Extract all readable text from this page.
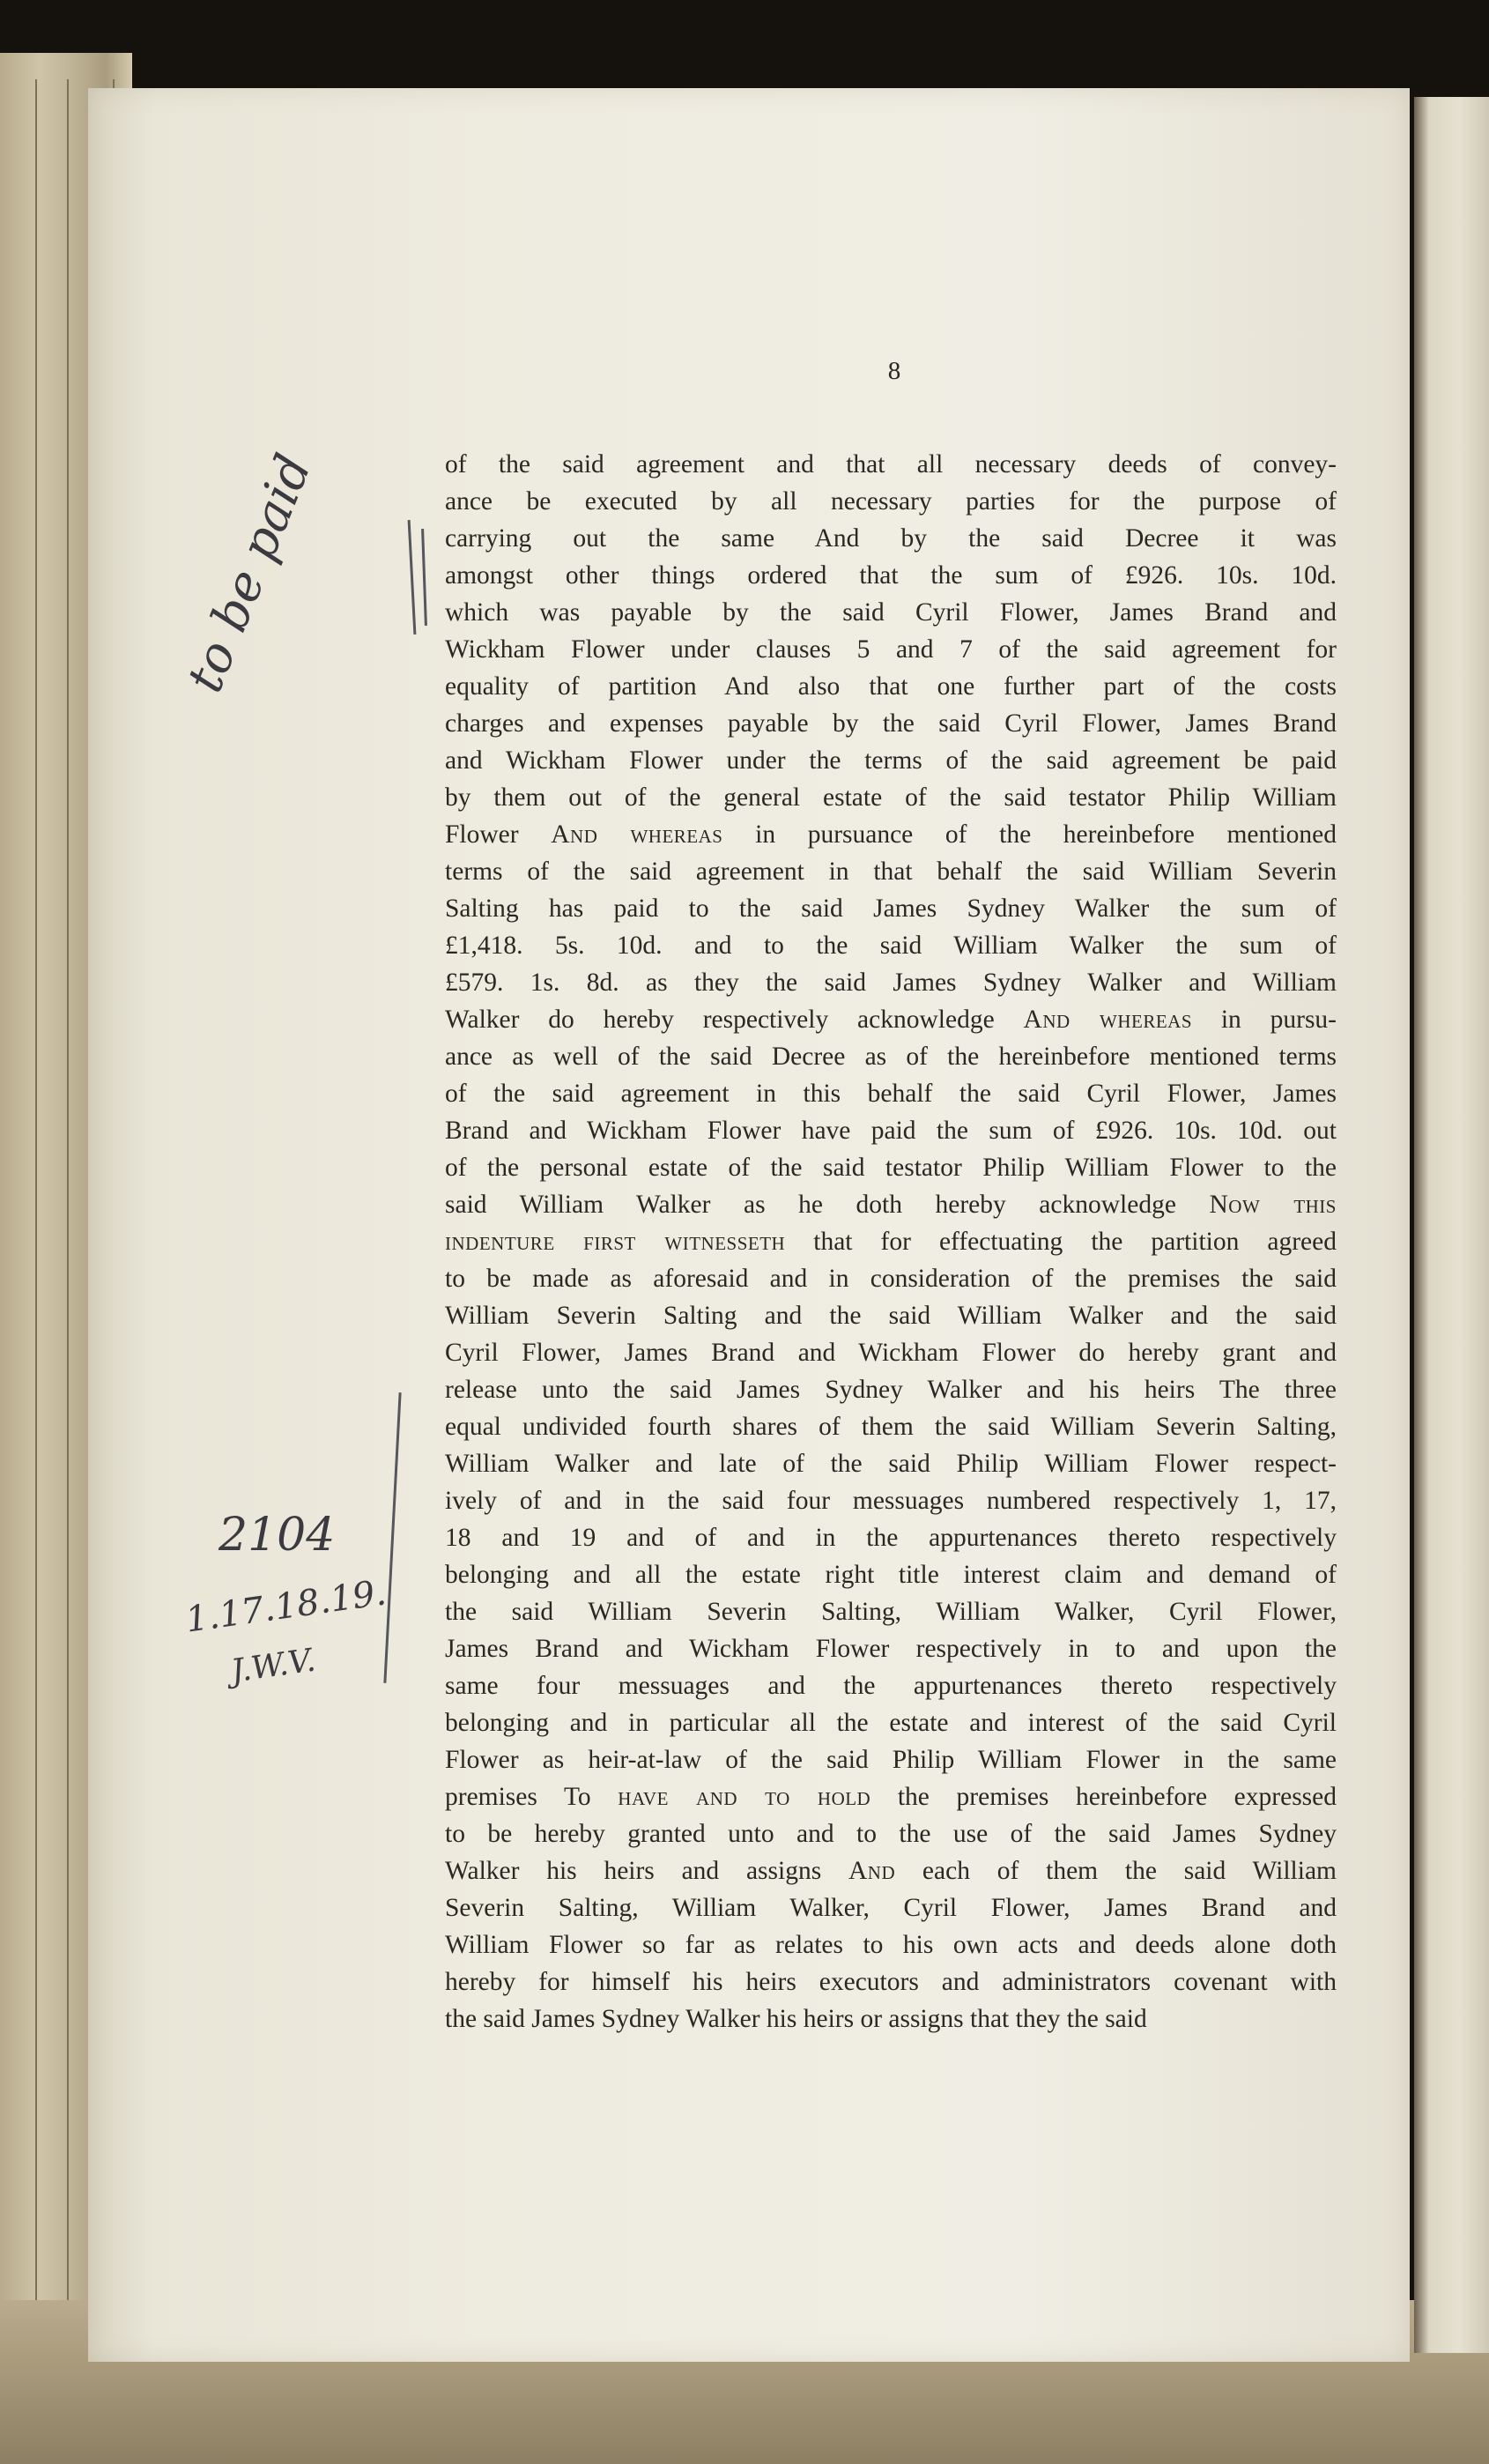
8
of the said agreement and that all necessary deeds of convey-
ance be executed by all necessary parties for the purpose of
carrying out the same And by the said Decree it was
amongst other things ordered that the sum of £926. 10s. 10d.
which was payable by the said Cyril Flower, James Brand and
Wickham Flower under clauses 5 and 7 of the said agreement for
equality of partition And also that one further part of the costs
charges and expenses payable by the said Cyril Flower, James Brand
and Wickham Flower under the terms of the said agreement be paid
by them out of the general estate of the said testator Philip William
Flower And whereas in pursuance of the hereinbefore mentioned
terms of the said agreement in that behalf the said William Severin
Salting has paid to the said James Sydney Walker the sum of
£1,418. 5s. 10d. and to the said William Walker the sum of
£579. 1s. 8d. as they the said James Sydney Walker and William
Walker do hereby respectively acknowledge And whereas in pursu-
ance as well of the said Decree as of the hereinbefore mentioned terms
of the said agreement in this behalf the said Cyril Flower, James
Brand and Wickham Flower have paid the sum of £926. 10s. 10d. out
of the personal estate of the said testator Philip William Flower to the
said William Walker as he doth hereby acknowledge Now this
indenture first witnesseth that for effectuating the partition agreed
to be made as aforesaid and in consideration of the premises the said
William Severin Salting and the said William Walker and the said
Cyril Flower, James Brand and Wickham Flower do hereby grant and
release unto the said James Sydney Walker and his heirs The three
equal undivided fourth shares of them the said William Severin Salting,
William Walker and late of the said Philip William Flower respect-
ively of and in the said four messuages numbered respectively 1, 17,
18 and 19 and of and in the appurtenances thereto respectively
belonging and all the estate right title interest claim and demand of
the said William Severin Salting, William Walker, Cyril Flower,
James Brand and Wickham Flower respectively in to and upon the
same four messuages and the appurtenances thereto respectively
belonging and in particular all the estate and interest of the said Cyril
Flower as heir-at-law of the said Philip William Flower in the same
premises To have and to hold the premises hereinbefore expressed
to be hereby granted unto and to the use of the said James Sydney
Walker his heirs and assigns And each of them the said William
Severin Salting, William Walker, Cyril Flower, James Brand and
William Flower so far as relates to his own acts and deeds alone doth
hereby for himself his heirs executors and administrators covenant with
the said James Sydney Walker his heirs or assigns that they the said
to be paid
2104
1.17.18.19.
J.W.V.
